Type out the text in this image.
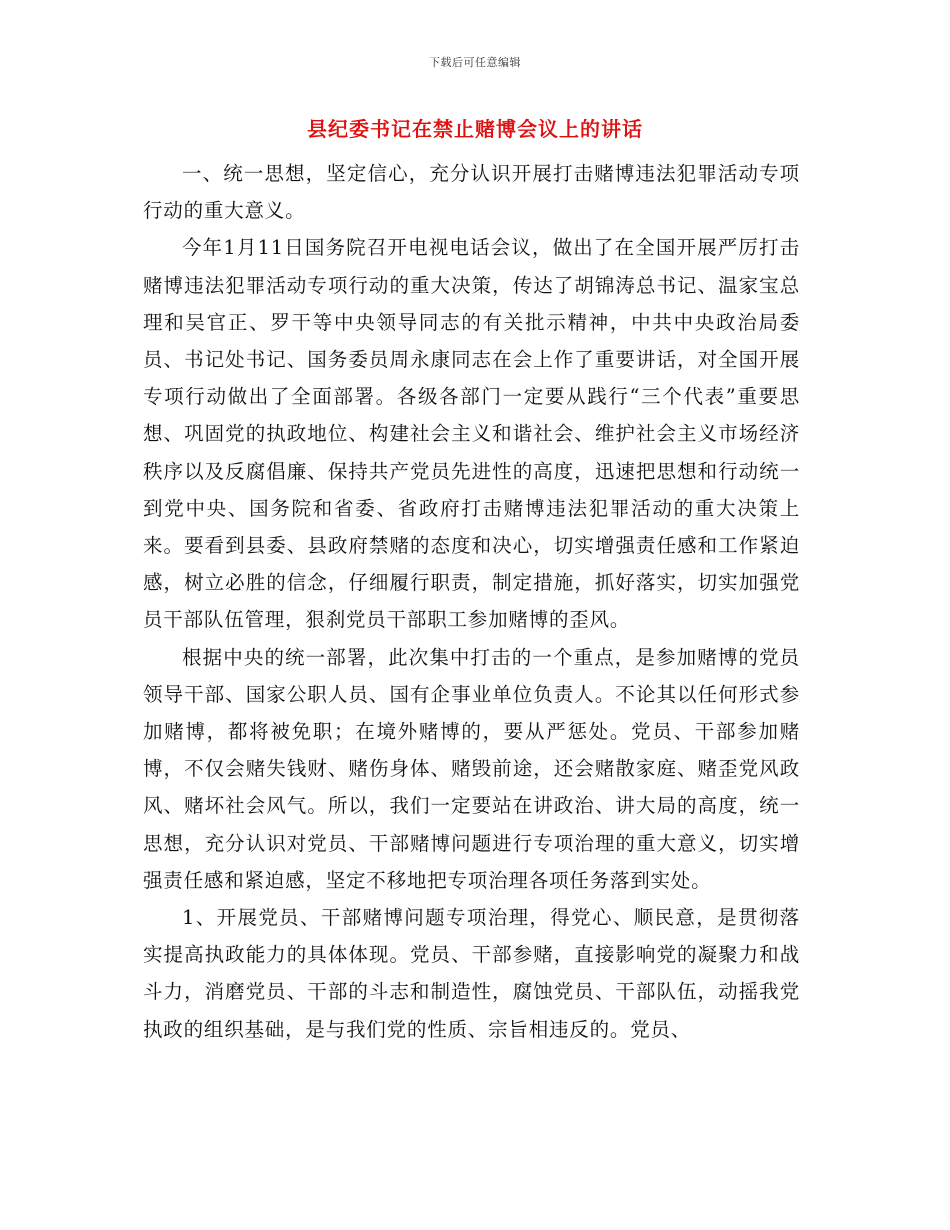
下载后可任意编辑
县纪委书记在禁止赌博会议上的讲话

一、统一思想，坚定信心，充分认识开展打击赌博违法犯罪活动专项行动的重大意义。

今年1月11日国务院召开电视电话会议，做出了在全国开展严厉打击赌博违法犯罪活动专项行动的重大决策，传达了胡锦涛总书记、温家宝总理和吴官正、罗干等中央领导同志的有关批示精神，中共中央政治局委员、书记处书记、国务委员周永康同志在会上作了重要讲话，对全国开展专项行动做出了全面部署。各级各部门一定要从践行“三个代表”重要思想、巩固党的执政地位、构建社会主义和谐社会、维护社会主义市场经济秩序以及反腐倡廉、保持共产党员先进性的高度，迅速把思想和行动统一到党中央、国务院和省委、省政府打击赌博违法犯罪活动的重大决策上来。要看到县委、县政府禁赌的态度和决心，切实增强责任感和工作紧迫感，树立必胜的信念，仔细履行职责，制定措施，抓好落实，切实加强党员干部队伍管理，狠刹党员干部职工参加赌博的歪风。

根据中央的统一部署，此次集中打击的一个重点，是参加赌博的党员领导干部、国家公职人员、国有企事业单位负责人。不论其以任何形式参加赌博，都将被免职；在境外赌博的，要从严惩处。党员、干部参加赌博，不仅会赌失钱财、赌伤身体、赌毁前途，还会赌散家庭、赌歪党风政风、赌坏社会风气。所以，我们一定要站在讲政治、讲大局的高度，统一思想，充分认识对党员、干部赌博问题进行专项治理的重大意义，切实增强责任感和紧迫感，坚定不移地把专项治理各项任务落到实处。

1、开展党员、干部赌博问题专项治理，得党心、顺民意，是贯彻落实提高执政能力的具体体现。党员、干部参赌，直接影响党的凝聚力和战斗力，消磨党员、干部的斗志和制造性，腐蚀党员、干部队伍，动摇我党执政的组织基础，是与我们党的性质、宗旨相违反的。党员、
